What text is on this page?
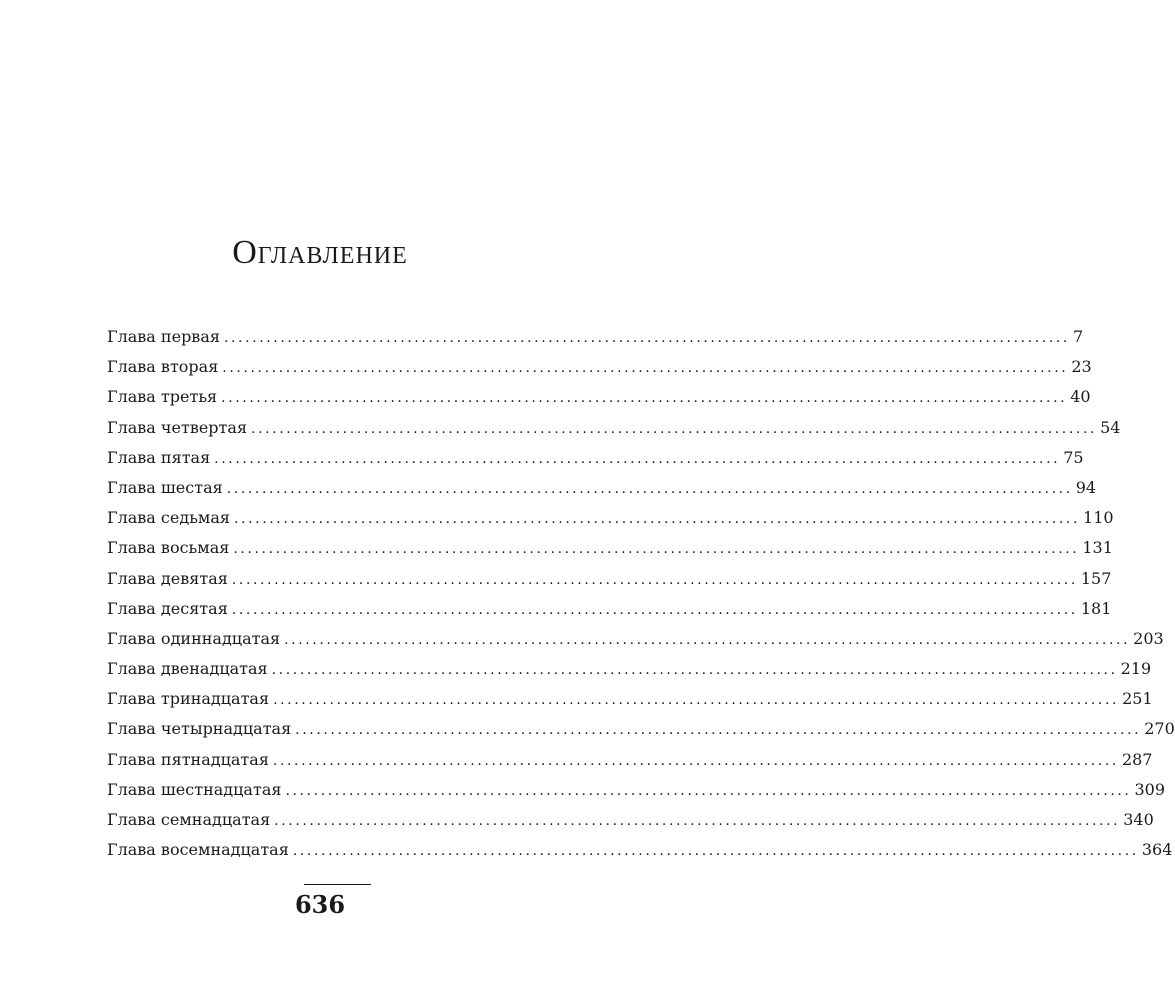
Оглавление
Глава первая ........................................................................................................................ 7
Глава вторая ........................................................................................................................ 23
Глава третья ........................................................................................................................ 40
Глава четвертая ........................................................................................................................ 54
Глава пятая ........................................................................................................................ 75
Глава шестая ........................................................................................................................ 94
Глава седьмая ........................................................................................................................ 110
Глава восьмая ........................................................................................................................ 131
Глава девятая ........................................................................................................................ 157
Глава десятая ........................................................................................................................ 181
Глава одиннадцатая ........................................................................................................................ 203
Глава двенадцатая ........................................................................................................................ 219
Глава тринадцатая ........................................................................................................................ 251
Глава четырнадцатая ........................................................................................................................ 270
Глава пятнадцатая ........................................................................................................................ 287
Глава шестнадцатая ........................................................................................................................ 309
Глава семнадцатая ........................................................................................................................ 340
Глава восемнадцатая ........................................................................................................................ 364
636
